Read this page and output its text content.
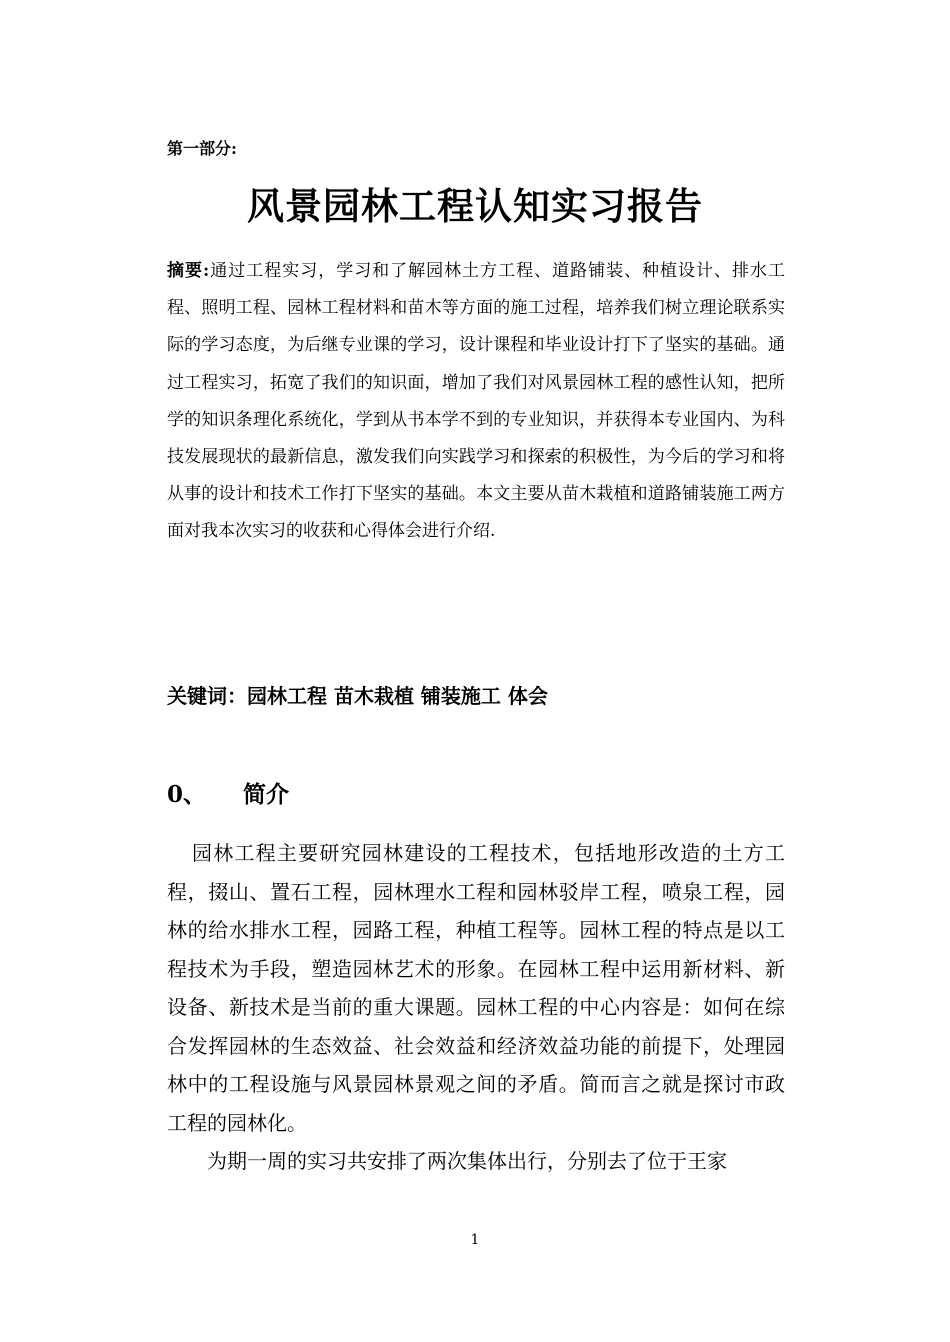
第一部分:
风景园林工程认知实习报告
摘要:通过工程实习，学习和了解园林土方工程、道路铺装、种植设计、排水工程、照明工程、园林工程材料和苗木等方面的施工过程，培养我们树立理论联系实际的学习态度，为后继专业课的学习，设计课程和毕业设计打下了坚实的基础。通过工程实习，拓宽了我们的知识面，增加了我们对风景园林工程的感性认知，把所学的知识条理化系统化，学到从书本学不到的专业知识，并获得本专业国内、为科技发展现状的最新信息，激发我们向实践学习和探索的积极性，为今后的学习和将从事的设计和技术工作打下坚实的基础。本文主要从苗木栽植和道路铺装施工两方面对我本次实习的收获和心得体会进行介绍.
关键词：园林工程 苗木栽植 铺装施工 体会
0、 简介

园林工程主要研究园林建设的工程技术，包括地形改造的土方工程，掇山、置石工程，园林理水工程和园林驳岸工程，喷泉工程，园林的给水排水工程，园路工程，种植工程等。园林工程的特点是以工程技术为手段，塑造园林艺术的形象。在园林工程中运用新材料、新设备、新技术是当前的重大课题。园林工程的中心内容是：如何在综合发挥园林的生态效益、社会效益和经济效益功能的前提下，处理园林中的工程设施与风景园林景观之间的矛盾。简而言之就是探讨市政工程的园林化。

为期一周的实习共安排了两次集体出行，分别去了位于王家

1
